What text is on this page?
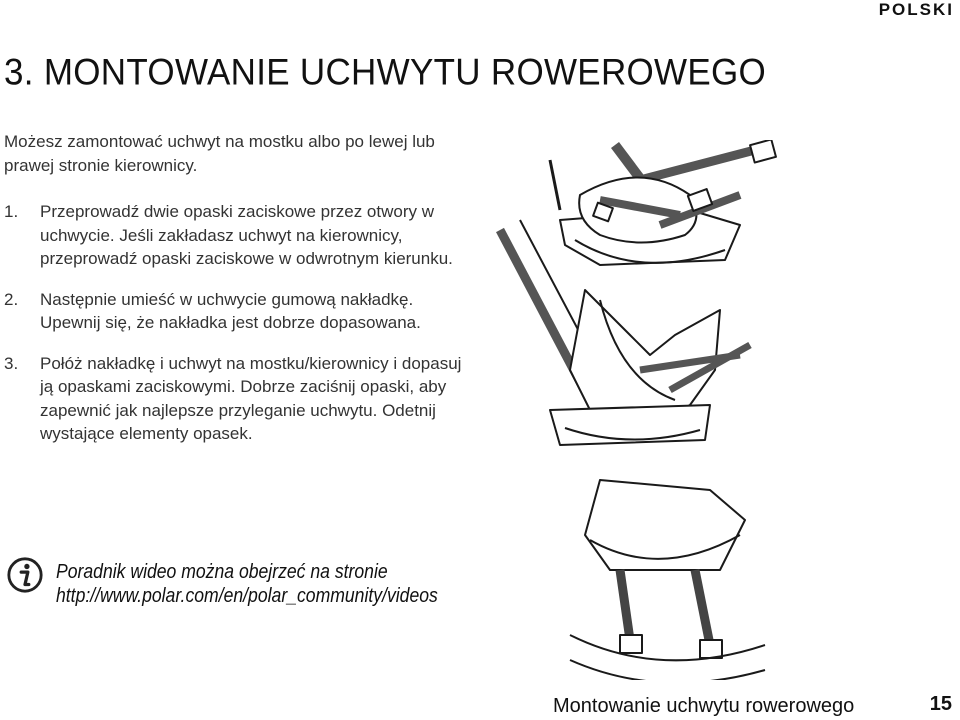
POLSKI
3. MONTOWANIE UCHWYTU ROWEROWEGO

Możesz zamontować uchwyt na mostku albo po lewej lub prawej stronie kierownicy.

1. Przeprowadź dwie opaski zaciskowe przez otwory w uchwycie. Jeśli zakładasz uchwyt na kierownicy, przeprowadź opaski zaciskowe w odwrotnym kierunku.
2. Następnie umieść w uchwycie gumową nakładkę. Upewnij się, że nakładka jest dobrze dopasowana.
3. Połóż nakładkę i uchwyt na mostku/kierownicy i dopasuj ją opaskami zaciskowymi. Dobrze zaciśnij opaski, aby zapewnić jak najlepsze przyleganie uchwytu. Odetnij wystające elementy opasek.
Poradnik wideo można obejrzeć na stronie
http://www.polar.com/en/polar_community/videos
Montowanie uchwytu rowerowego	15
